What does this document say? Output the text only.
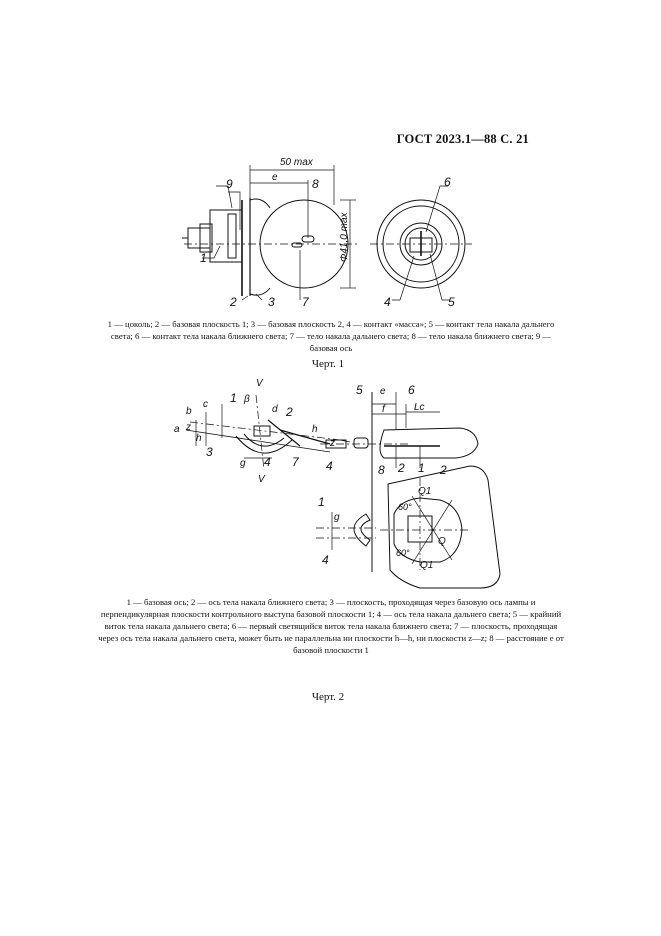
ГОСТ 2023.1—88 С. 21
50 max
e
Φ41,0 max
9	8
1
2	3 7
6
4	5
1 — цоколь; 2 — базовая плоскость 1; 3 — базовая плоскость 2, 4 — контакт «масса»; 5 — контакт тела накала дальнего света; 6 — контакт тела накала ближнего света; 7 — тело накала дальнего света; 8 — тело накала ближнего света; 9 — базовая ось
Черт. 1
V
β
1
d 2
b
c
z
a
h
3
g 4 7
V
h
z
4
5 e 6
f	Lc
8 2 1 2
Q1
60°
60°
Q
Q1
1
g
4
1 — базовая ось; 2 — ось тела накала ближнего света; 3 — плоскость, проходящая через базовую ось лампы и перпендикулярная плоскости контрольного выступа базовой плоскости 1; 4 — ось тела накала дальнего света; 5 — крайний виток тела накала дальнего света; 6 — первый светящийся виток тела накала ближнего света; 7 — плоскость, проходящая через ось тела накала дальнего света, может быть не параллельна ни плоскости h—h, ни плоскости z—z; 8 — расстояние e от базовой плоскости 1
Черт. 2
